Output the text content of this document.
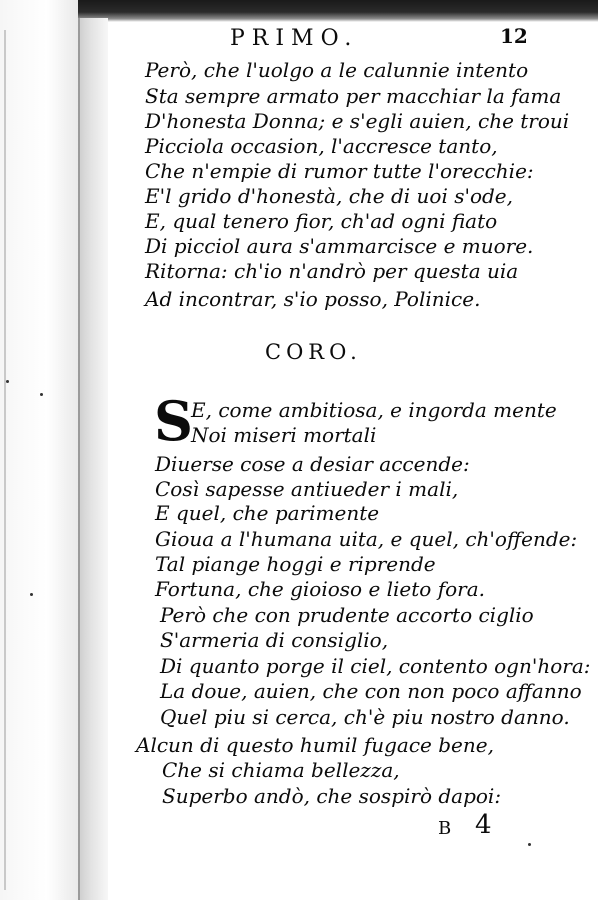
PRIMO.	12
Però, che l'uolgo a le calunnie intento
Sta sempre armato per macchiar la fama
D'honesta Donna; e s'egli auien, che troui
Picciola occasion, l'accresce tanto,
Che n'empie di rumor tutte l'orecchie:
E'l grido d'honestà, che di uoi s'ode,
E, qual tenero fior, ch'ad ogni fiato
Di picciol aura s'ammarcisce e muore.
Ritorna: ch'io n'andrò per questa uia
Ad incontrar, s'io posso, Polinice.
CORO.
S
E, come ambitiosa, e ingorda mente
Noi miseri mortali
Diuerse cose a desiar accende:
Così sapesse antiueder i mali,
E quel, che parimente
Gioua a l'humana uita, e quel, ch'offende:
Tal piange hoggi e riprende
Fortuna, che gioioso e lieto fora.
Però che con prudente accorto ciglio
S'armeria di consiglio,
Di quanto porge il ciel, contento ogn'hora:
La doue, auien, che con non poco affanno
Quel piu si cerca, ch'è piu nostro danno.
Alcun di questo humil fugace bene,
Che si chiama bellezza,
Superbo andò, che sospirò dapoi:
B 4
